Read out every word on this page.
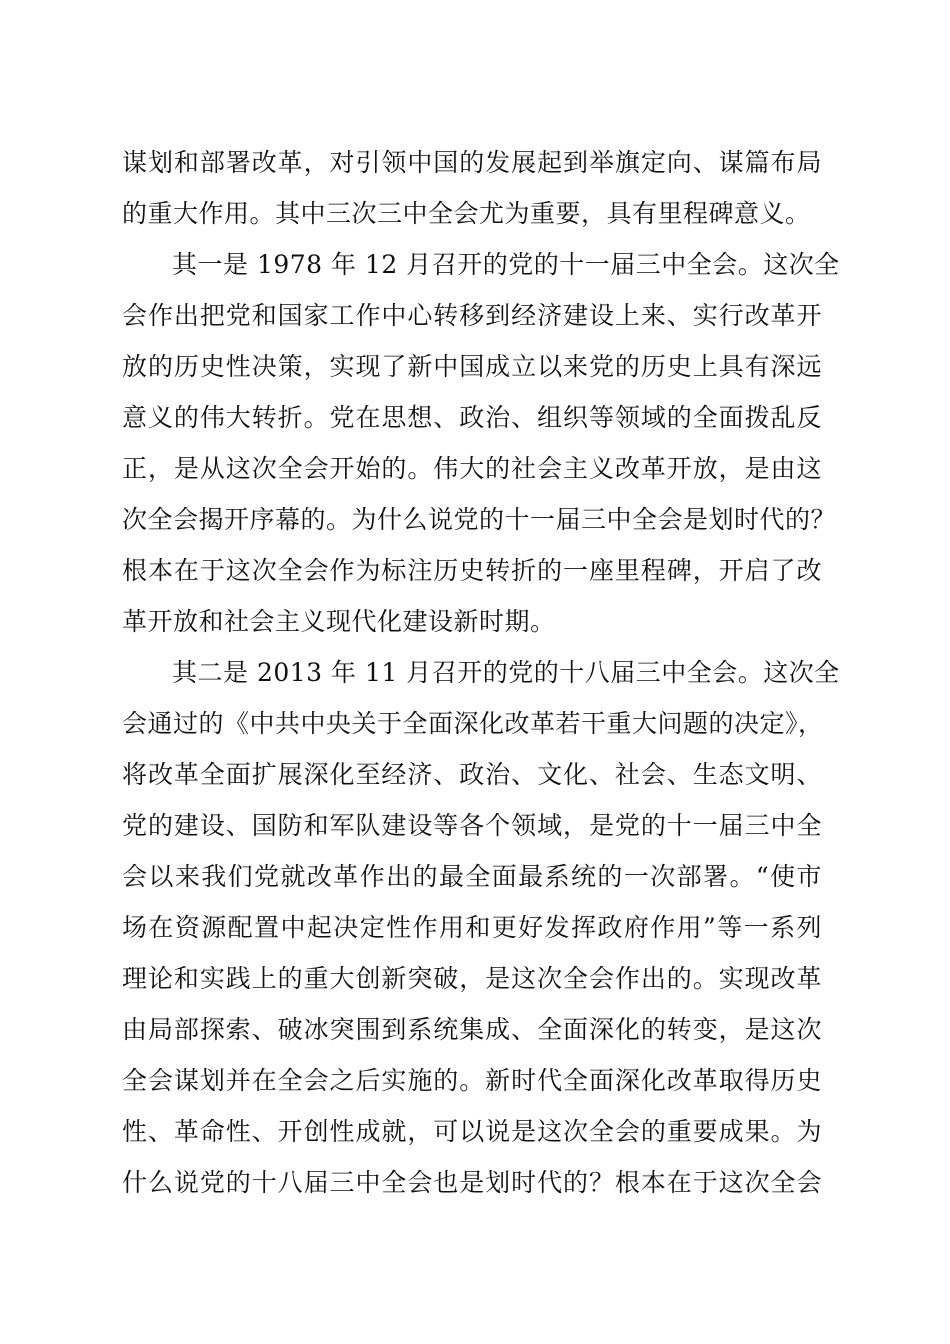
谋划和部署改革，对引领中国的发展起到举旗定向、谋篇布局
的重大作用。其中三次三中全会尤为重要，具有里程碑意义。
其一是 1978 年 12 月召开的党的十一届三中全会。这次全
会作出把党和国家工作中心转移到经济建设上来、实行改革开
放的历史性决策，实现了新中国成立以来党的历史上具有深远
意义的伟大转折。党在思想、政治、组织等领域的全面拨乱反
正，是从这次全会开始的。伟大的社会主义改革开放，是由这
次全会揭开序幕的。为什么说党的十一届三中全会是划时代的？
根本在于这次全会作为标注历史转折的一座里程碑，开启了改
革开放和社会主义现代化建设新时期。
其二是 2013 年 11 月召开的党的十八届三中全会。这次全
会通过的《中共中央关于全面深化改革若干重大问题的决定》，
将改革全面扩展深化至经济、政治、文化、社会、生态文明、
党的建设、国防和军队建设等各个领域，是党的十一届三中全
会以来我们党就改革作出的最全面最系统的一次部署。“使市
场在资源配置中起决定性作用和更好发挥政府作用”等一系列
理论和实践上的重大创新突破，是这次全会作出的。实现改革
由局部探索、破冰突围到系统集成、全面深化的转变，是这次
全会谋划并在全会之后实施的。新时代全面深化改革取得历史
性、革命性、开创性成就，可以说是这次全会的重要成果。为
什么说党的十八届三中全会也是划时代的？根本在于这次全会
